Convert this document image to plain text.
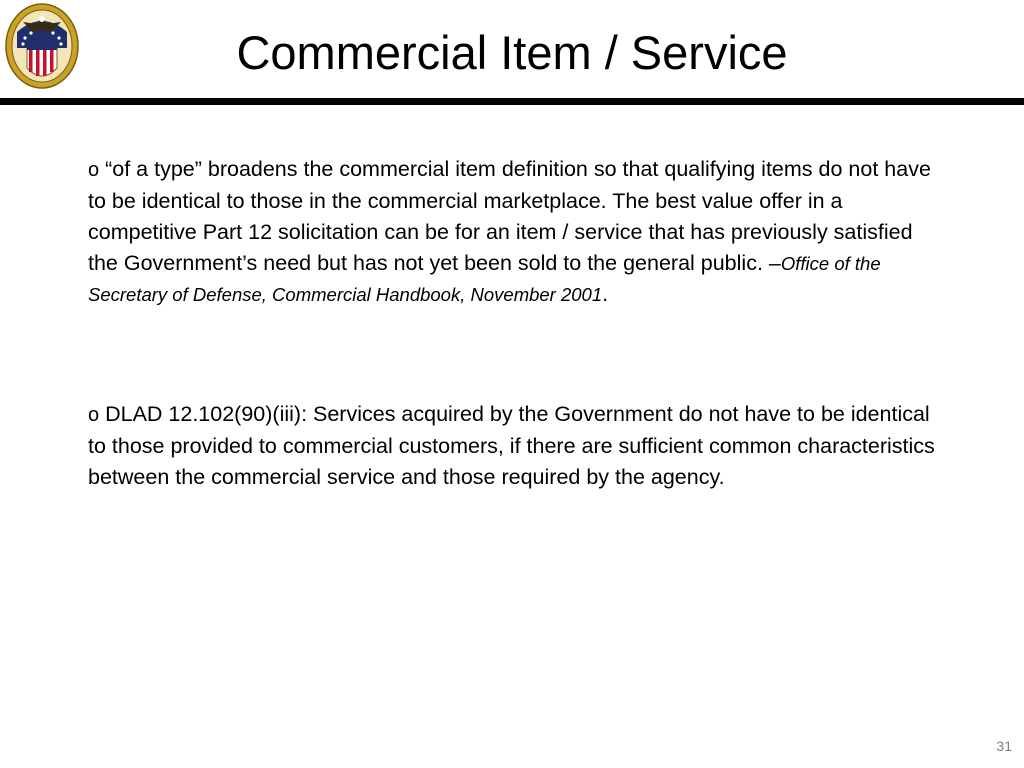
Commercial Item / Service
o “of a type” broadens the commercial item definition so that qualifying items do not have to be identical to those in the commercial marketplace. The best value offer in a competitive Part 12 solicitation can be for an item / service that has previously satisfied the Government’s need but has not yet been sold to the general public. –Office of the Secretary of Defense, Commercial Handbook, November 2001.
o DLAD 12.102(90)(iii): Services acquired by the Government do not have to be identical to those provided to commercial customers, if there are sufficient common characteristics between the commercial service and those required by the agency.
31
